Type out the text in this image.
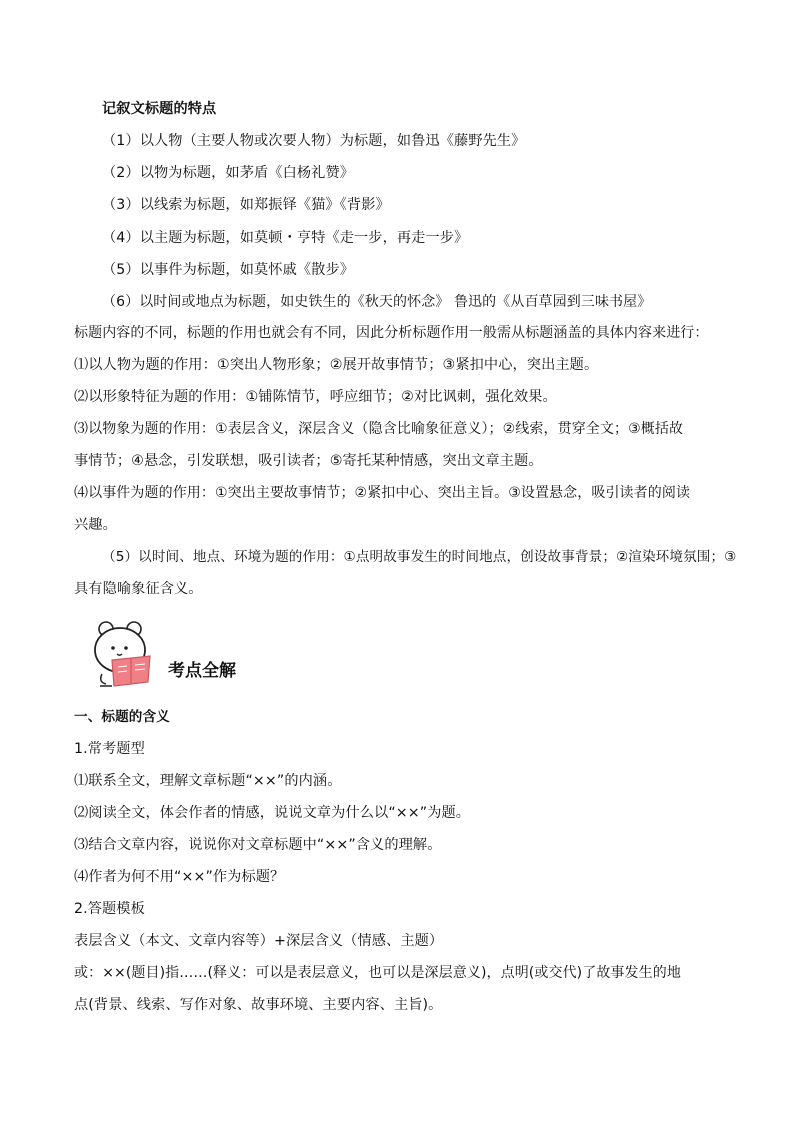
记叙文标题的特点
（1）以人物（主要人物或次要人物）为标题，如鲁迅《藤野先生》
（2）以物为标题，如茅盾《白杨礼赞》
（3）以线索为标题，如郑振铎《猫》《背影》
（4）以主题为标题，如莫顿・亨特《走一步，再走一步》
（5）以事件为标题，如莫怀戚《散步》
（6）以时间或地点为标题，如史铁生的《秋天的怀念》 鲁迅的《从百草园到三味书屋》
标题内容的不同，标题的作用也就会有不同，因此分析标题作用一般需从标题涵盖的具体内容来进行：
⑴以人物为题的作用：①突出人物形象；②展开故事情节；③紧扣中心，突出主题。
⑵以形象特征为题的作用：①铺陈情节，呼应细节；②对比讽刺，强化效果。
⑶以物象为题的作用：①表层含义，深层含义（隐含比喻象征意义）；②线索，贯穿全文；③概括故
事情节；④悬念，引发联想，吸引读者；⑤寄托某种情感，突出文章主题。
⑷以事件为题的作用：①突出主要故事情节；②紧扣中心、突出主旨。③设置悬念，吸引读者的阅读
兴趣。
（5）以时间、地点、环境为题的作用：①点明故事发生的时间地点，创设故事背景；②渲染环境氛围；③
具有隐喻象征含义。
考点全解
一、标题的含义
1.常考题型
⑴联系全文，理解文章标题“××”的内涵。
⑵阅读全文，体会作者的情感，说说文章为什么以“××”为题。
⑶结合文章内容，说说你对文章标题中“××”含义的理解。
⑷作者为何不用“××”作为标题？
2.答题模板
表层含义（本文、文章内容等）+深层含义（情感、主题）
或：××(题目)指……(释义：可以是表层意义，也可以是深层意义)，点明(或交代)了故事发生的地
点(背景、线索、写作对象、故事环境、主要内容、主旨)。
